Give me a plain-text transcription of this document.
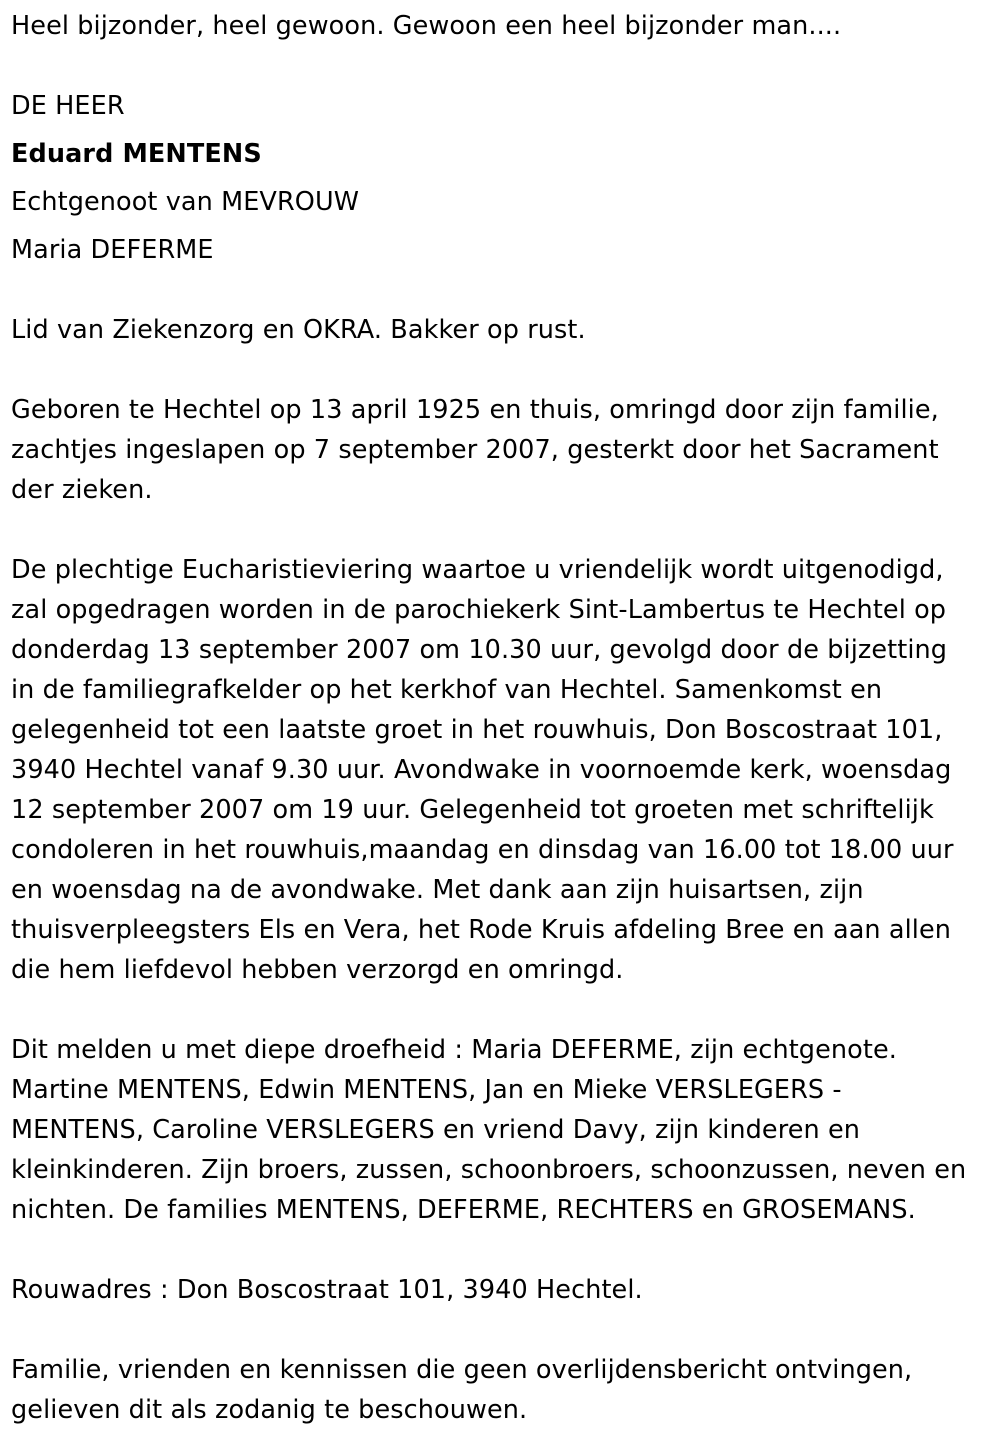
Heel bijzonder, heel gewoon. Gewoon een heel bijzonder man....

DE HEER

Eduard MENTENS

Echtgenoot van MEVROUW

Maria DEFERME

Lid van Ziekenzorg en OKRA. Bakker op rust.

Geboren te Hechtel op 13 april 1925 en thuis, omringd door zijn familie,

zachtjes ingeslapen op 7 september 2007, gesterkt door het Sacrament

der zieken.

De plechtige Eucharistieviering waartoe u vriendelijk wordt uitgenodigd,

zal opgedragen worden in de parochiekerk Sint-Lambertus te Hechtel op

donderdag 13 september 2007 om 10.30 uur, gevolgd door de bijzetting

in de familiegrafkelder op het kerkhof van Hechtel. Samenkomst en

gelegenheid tot een laatste groet in het rouwhuis, Don Boscostraat 101,

3940 Hechtel vanaf 9.30 uur. Avondwake in voornoemde kerk, woensdag

12 september 2007 om 19 uur. Gelegenheid tot groeten met schriftelijk

condoleren in het rouwhuis,maandag en dinsdag van 16.00 tot 18.00 uur

en woensdag na de avondwake. Met dank aan zijn huisartsen, zijn

thuisverpleegsters Els en Vera, het Rode Kruis afdeling Bree en aan allen

die hem liefdevol hebben verzorgd en omringd.

Dit melden u met diepe droefheid : Maria DEFERME, zijn echtgenote.

Martine MENTENS, Edwin MENTENS, Jan en Mieke VERSLEGERS -

MENTENS, Caroline VERSLEGERS en vriend Davy, zijn kinderen en

kleinkinderen. Zijn broers, zussen, schoonbroers, schoonzussen, neven en

nichten. De families MENTENS, DEFERME, RECHTERS en GROSEMANS.

Rouwadres : Don Boscostraat 101, 3940 Hechtel.

Familie, vrienden en kennissen die geen overlijdensbericht ontvingen,

gelieven dit als zodanig te beschouwen.
